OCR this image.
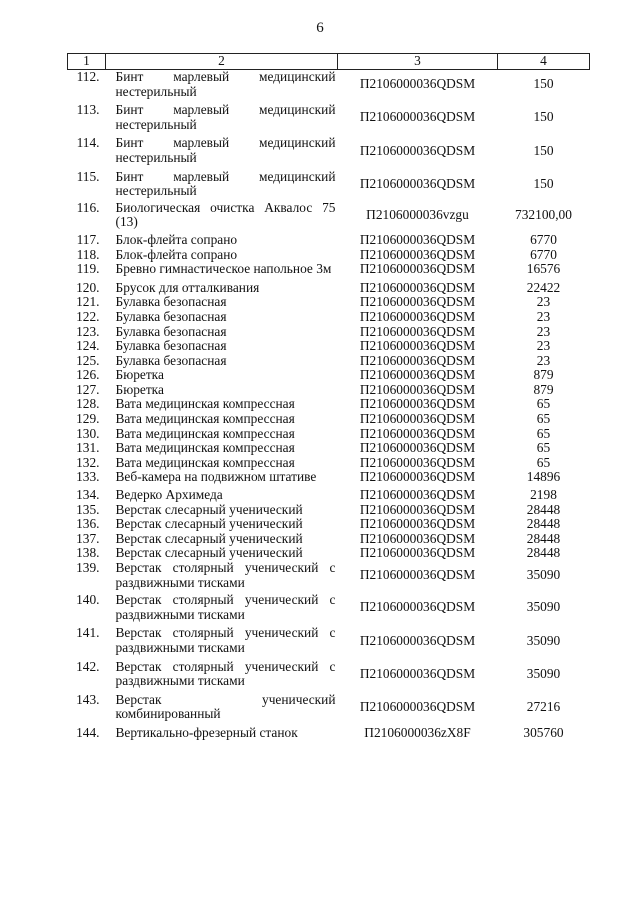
6
1	2	3	4
112.	Бинт марлевый медицинский нестерильный	П2106000036QDSM	150
113.	Бинт марлевый медицинский нестерильный	П2106000036QDSM	150
114.	Бинт марлевый медицинский нестерильный	П2106000036QDSM	150
115.	Бинт марлевый медицинский нестерильный	П2106000036QDSM	150
116.	Биологическая очистка Аквалос 75 (13)	П2106000036vzgu	732100,00
117.	Блок-флейта сопрано	П2106000036QDSM	6770
118.	Блок-флейта сопрано	П2106000036QDSM	6770
119.	Бревно гимнастическое напольное 3м	П2106000036QDSM	16576
120.	Брусок для отталкивания	П2106000036QDSM	22422
121.	Булавка безопасная	П2106000036QDSM	23
122.	Булавка безопасная	П2106000036QDSM	23
123.	Булавка безопасная	П2106000036QDSM	23
124.	Булавка безопасная	П2106000036QDSM	23
125.	Булавка безопасная	П2106000036QDSM	23
126.	Бюретка	П2106000036QDSM	879
127.	Бюретка	П2106000036QDSM	879
128.	Вата медицинская компрессная	П2106000036QDSM	65
129.	Вата медицинская компрессная	П2106000036QDSM	65
130.	Вата медицинская компрессная	П2106000036QDSM	65
131.	Вата медицинская компрессная	П2106000036QDSM	65
132.	Вата медицинская компрессная	П2106000036QDSM	65
133.	Веб-камера на подвижном штативе	П2106000036QDSM	14896
134.	Ведерко Архимеда	П2106000036QDSM	2198
135.	Верстак слесарный ученический	П2106000036QDSM	28448
136.	Верстак слесарный ученический	П2106000036QDSM	28448
137.	Верстак слесарный ученический	П2106000036QDSM	28448
138.	Верстак слесарный ученический	П2106000036QDSM	28448
139.	Верстак столярный ученический с раздвижными тисками	П2106000036QDSM	35090
140.	Верстак столярный ученический с раздвижными тисками	П2106000036QDSM	35090
141.	Верстак столярный ученический с раздвижными тисками	П2106000036QDSM	35090
142.	Верстак столярный ученический с раздвижными тисками	П2106000036QDSM	35090
143.	Верстак ученический комбинированный	П2106000036QDSM	27216
144.	Вертикально-фрезерный станок	П2106000036zX8F	305760
